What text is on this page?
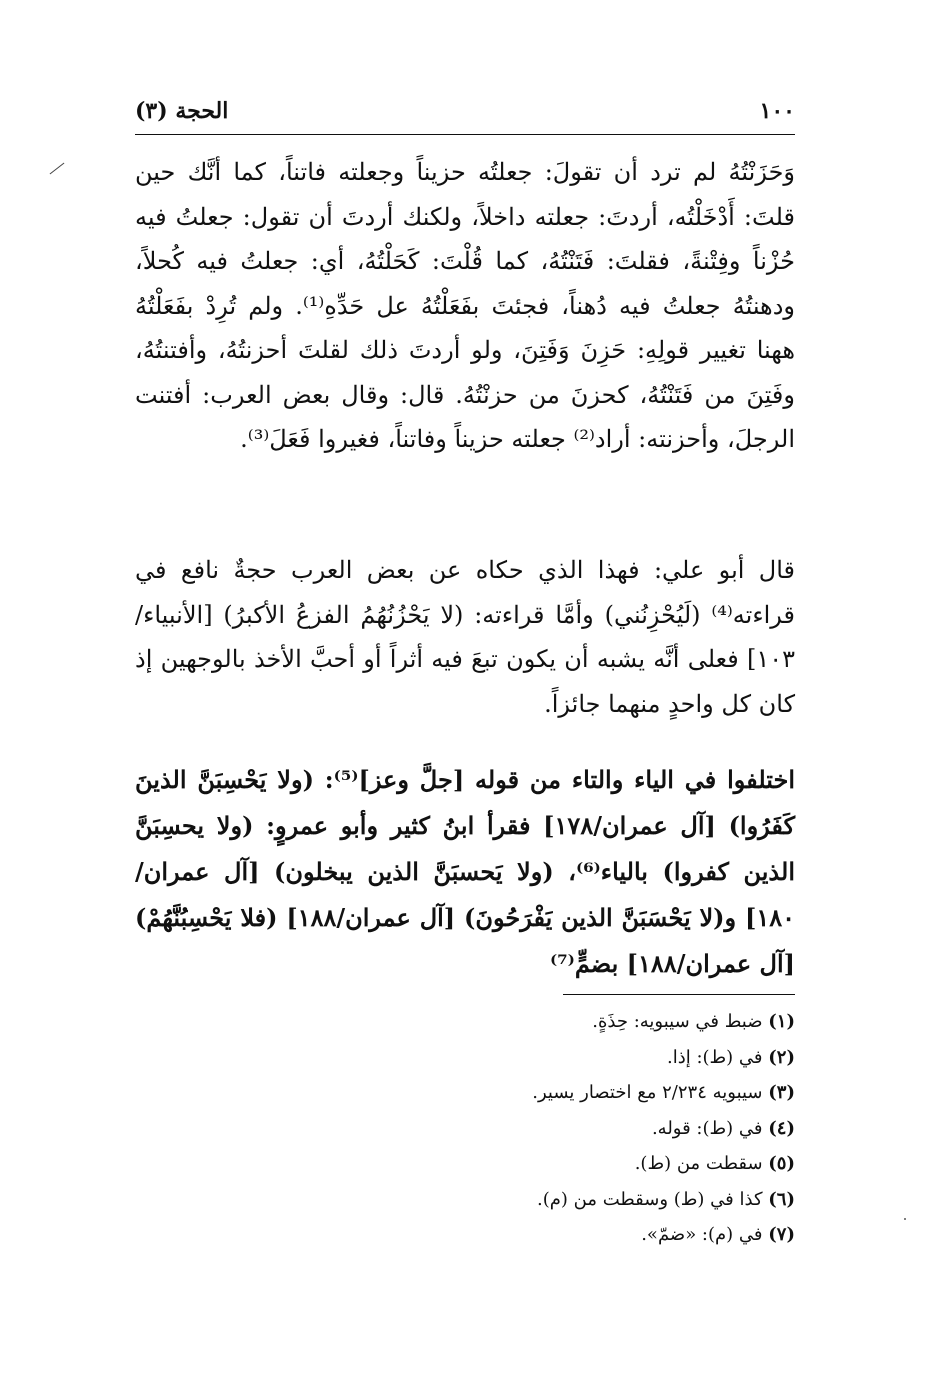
١٠٠
الحجة (٣)

وَحَزَنْتُهُ لم ترد أن تقولَ: جعلتُه حزيناً وجعلته فاتناً، كما أنَّك حين قلتَ: أَدْخَلْتُه، أردتَ: جعلته داخلاً، ولكنك أردتَ أن تقول: جعلتُ فيه حُزْناً وفِتْنةً، فقلتَ: فَتَنْتُهُ، كما قُلْتَ: كَحَلْتُهُ، أي: جعلتُ فيه كُحلاً، ودهنتُهُ جعلتُ فيه دُهناً، فجئتَ بفَعَلْتُهُ عل حَدِّهِ⁽¹⁾. ولم تُرِدْ بفَعَلْتُهُ ههنا تغيير قولِهِ: حَزِنَ وَفَتِنَ، ولو أردتَ ذلك لقلتَ أحزنتُهُ، وأفتنتُهُ، وفَتِنَ من فَتَنْتُهُ، كحزنَ من حزنْتُهُ. قال: وقال بعض العرب: أفتنت الرجلَ، وأحزنته: أراد⁽²⁾ جعلته حزيناً وفاتناً، فغيروا فَعَلَ⁽³⁾.

قال أبو علي: فهذا الذي حكاه عن بعض العرب حجةٌ نافع في قراءته⁽⁴⁾ (لَيُحْزِنُني) وأمَّا قراءته: (لا يَحْزُنُهُمُ الفزعُ الأكبرُ) [الأنبياء/١٠٣] فعلى أنَّه يشبه أن يكون تبعَ فيه أثراً أو أحبَّ الأخذ بالوجهين إذ كان كل واحدٍ منهما جائزاً.

اختلفوا في الياء والتاء من قوله [جلَّ وعز]⁽⁵⁾: (ولا يَحْسِبَنَّ الذينَ كَفَرُوا) [آل عمران/١٧٨] فقرأ ابنُ كثير وأبو عمروٍ: (ولا يحسِبَنَّ الذين كفروا) بالياء⁽⁶⁾، (ولا يَحسبَنَّ الذين يبخلون) [آل عمران/١٨٠] و(لا يَحْسَبَنَّ الذين يَفْرَحُونَ) [آل عمران/١٨٨] (فلا يَحْسِبُنَّهُمْ) [آل عمران/١٨٨] بضمٍّ⁽⁷⁾

(١) ضبط في سيبويه: حِذَةٍ.

(٢) في (ط): إذا.

(٣) سيبويه ٢/٢٣٤ مع اختصار يسير.

(٤) في (ط): قوله.

(٥) سقطت من (ط).

(٦) كذا في (ط) وسقطت من (م).

(٧) في (م): «ضمّ».
